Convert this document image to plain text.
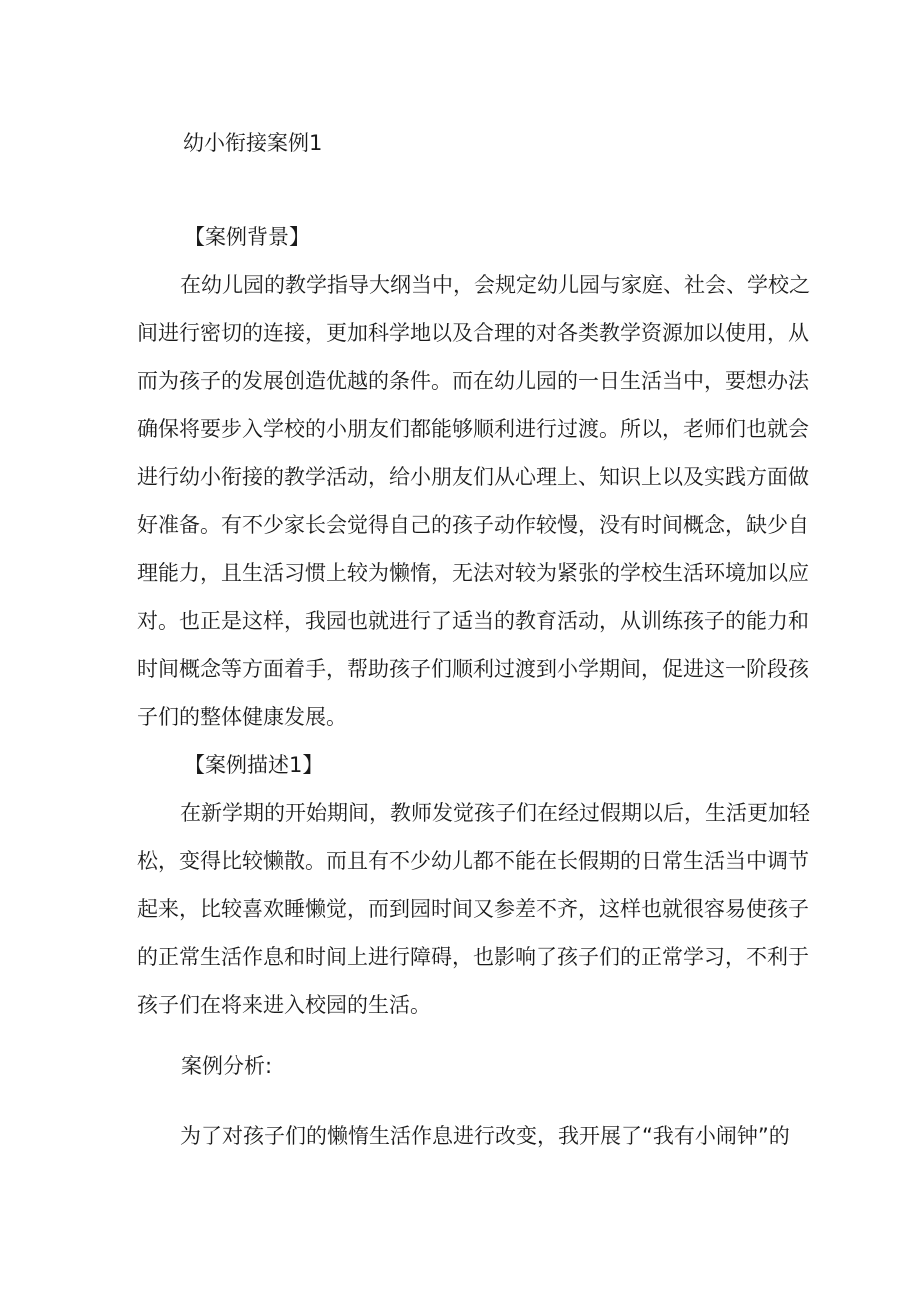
幼小衔接案例1
【案例背景】
在幼儿园的教学指导大纲当中，会规定幼儿园与家庭、社会、学校之
间进行密切的连接，更加科学地以及合理的对各类教学资源加以使用，从
而为孩子的发展创造优越的条件。而在幼儿园的一日生活当中，要想办法
确保将要步入学校的小朋友们都能够顺利进行过渡。所以，老师们也就会
进行幼小衔接的教学活动，给小朋友们从心理上、知识上以及实践方面做
好准备。有不少家长会觉得自己的孩子动作较慢，没有时间概念，缺少自
理能力，且生活习惯上较为懒惰，无法对较为紧张的学校生活环境加以应
对。也正是这样，我园也就进行了适当的教育活动，从训练孩子的能力和
时间概念等方面着手，帮助孩子们顺利过渡到小学期间，促进这一阶段孩
子们的整体健康发展。
【案例描述1】
在新学期的开始期间，教师发觉孩子们在经过假期以后，生活更加轻
松，变得比较懒散。而且有不少幼儿都不能在长假期的日常生活当中调节
起来，比较喜欢睡懒觉，而到园时间又参差不齐，这样也就很容易使孩子
的正常生活作息和时间上进行障碍，也影响了孩子们的正常学习，不利于
孩子们在将来进入校园的生活。
案例分析:
为了对孩子们的懒惰生活作息进行改变，我开展了“我有小闹钟”的
